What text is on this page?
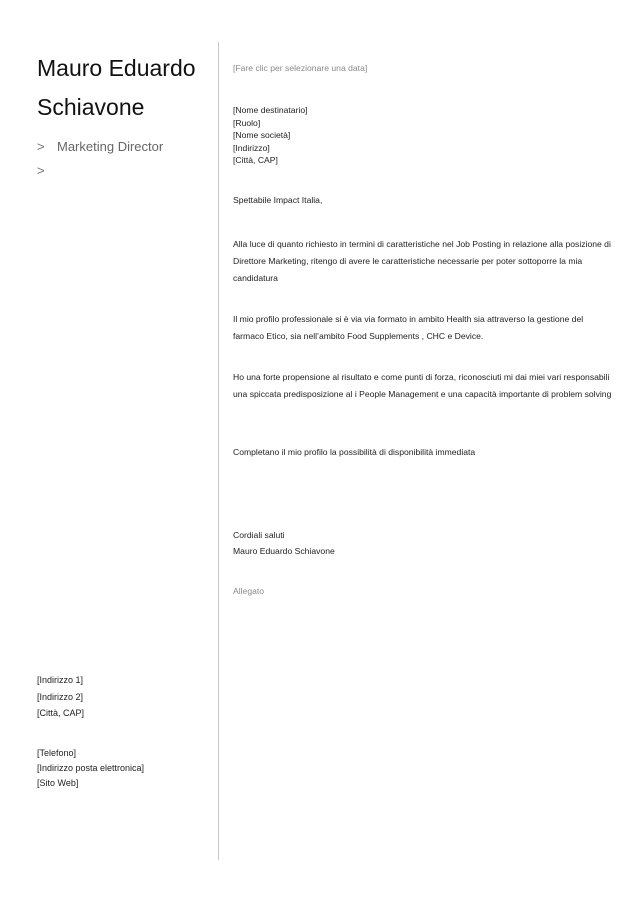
Mauro Eduardo
Schiavone
> Marketing Director
>
[Indirizzo 1]
[Indirizzo 2]
[Città, CAP]
[Telefono]
[Indirizzo posta elettronica]
[Sito Web]
[Fare clic per selezionare una data]
[Nome destinatario]
[Ruolo]
[Nome società]
[Indirizzo]
[Città, CAP]
Spettabile Impact Italia,
Alla luce di quanto richiesto in termini di caratteristiche nel Job Posting in relazione alla posizione di Direttore Marketing, ritengo di avere le caratteristiche necessarie per poter sottoporre la mia candidatura
Il mio profilo professionale si è via via formato in ambito Health sia attraverso la gestione del farmaco Etico, sia nell’ambito Food Supplements , CHC e Device.
Ho una forte propensione al risultato e come punti di forza, riconosciuti mi dai miei vari responsabili una spiccata predisposizione al i People Management e una capacità importante di problem solving
Completano il mio profilo la possibilità di disponibilità immediata
Cordiali saluti
Mauro Eduardo Schiavone
Allegato
